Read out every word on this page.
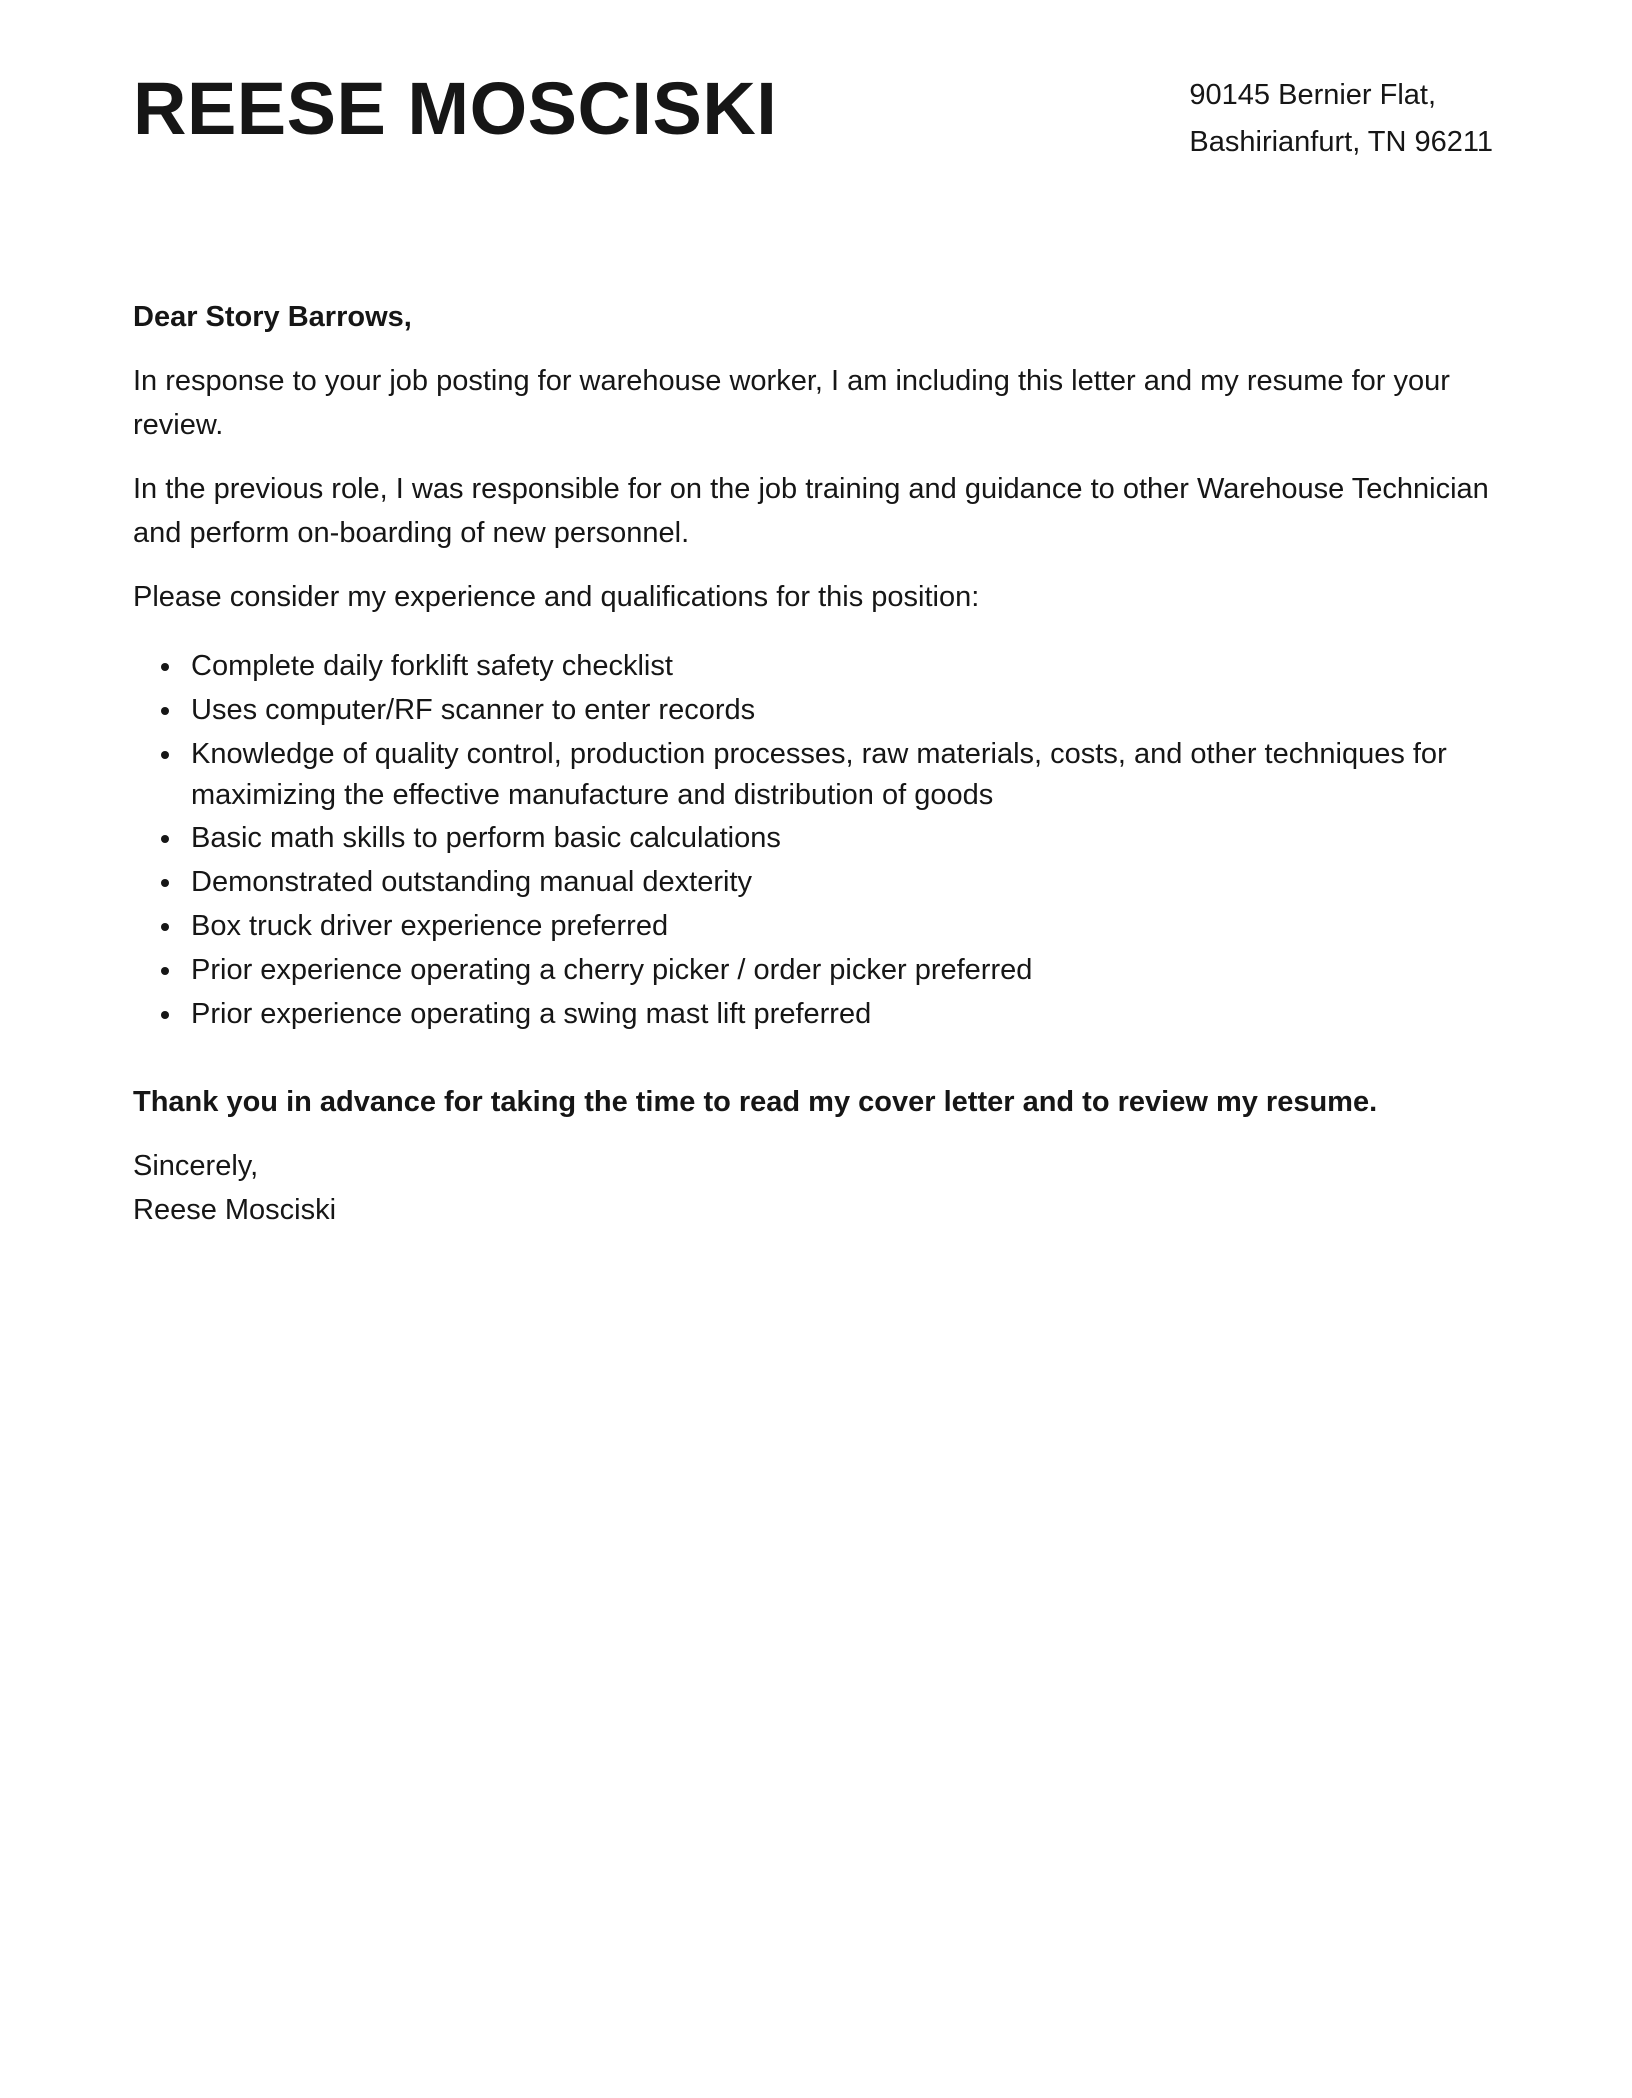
REESE MOSCISKI	90145 Bernier Flat,
Bashirianfurt, TN 96211

Dear Story Barrows,

In response to your job posting for warehouse worker, I am including this letter and my resume for your review.

In the previous role, I was responsible for on the job training and guidance to other Warehouse Technician and perform on-boarding of new personnel.

Please consider my experience and qualifications for this position:

• Complete daily forklift safety checklist
• Uses computer/RF scanner to enter records
• Knowledge of quality control, production processes, raw materials, costs, and other techniques for maximizing the effective manufacture and distribution of goods
• Basic math skills to perform basic calculations
• Demonstrated outstanding manual dexterity
• Box truck driver experience preferred
• Prior experience operating a cherry picker / order picker preferred
• Prior experience operating a swing mast lift preferred

Thank you in advance for taking the time to read my cover letter and to review my resume.

Sincerely,
Reese Mosciski
